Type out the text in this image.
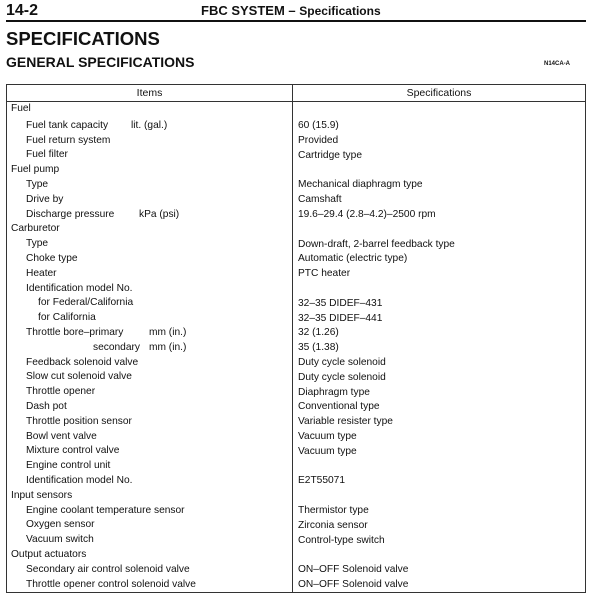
14-2	FBC SYSTEM – Specifications
SPECIFICATIONS
GENERAL SPECIFICATIONS	N14CA-A
Items	Specifications

Fuel	

Fuel tank capacity lit. (gal.)	60 (15.9)

Fuel return system	Provided

Fuel filter	Cartridge type

Fuel pump	

Type	Mechanical diaphragm type

Drive by	Camshaft

Discharge pressure kPa (psi)	19.6–29.4 (2.8–4.2)–2500 rpm

Carburetor	

Type	Down-draft, 2-barrel feedback type

Choke type	Automatic (electric type)

Heater	PTC heater

Identification model No.	

for Federal/California	32–35 DIDEF–431

for California	32–35 DIDEF–441

Throttle bore–primary mm (in.)	32 (1.26)

secondary mm (in.)	35 (1.38)

Feedback solenoid valve	Duty cycle solenoid

Slow cut solenoid valve	Duty cycle solenoid

Throttle opener	Diaphragm type

Dash pot	Conventional type

Throttle position sensor	Variable resister type

Bowl vent valve	Vacuum type

Mixture control valve	Vacuum type

Engine control unit	

Identification model No.	E2T55071

Input sensors	

Engine coolant temperature sensor	Thermistor type

Oxygen sensor	Zirconia sensor

Vacuum switch	Control-type switch

Output actuators	

Secondary air control solenoid valve	ON–OFF Solenoid valve

Throttle opener control solenoid valve	ON–OFF Solenoid valve
